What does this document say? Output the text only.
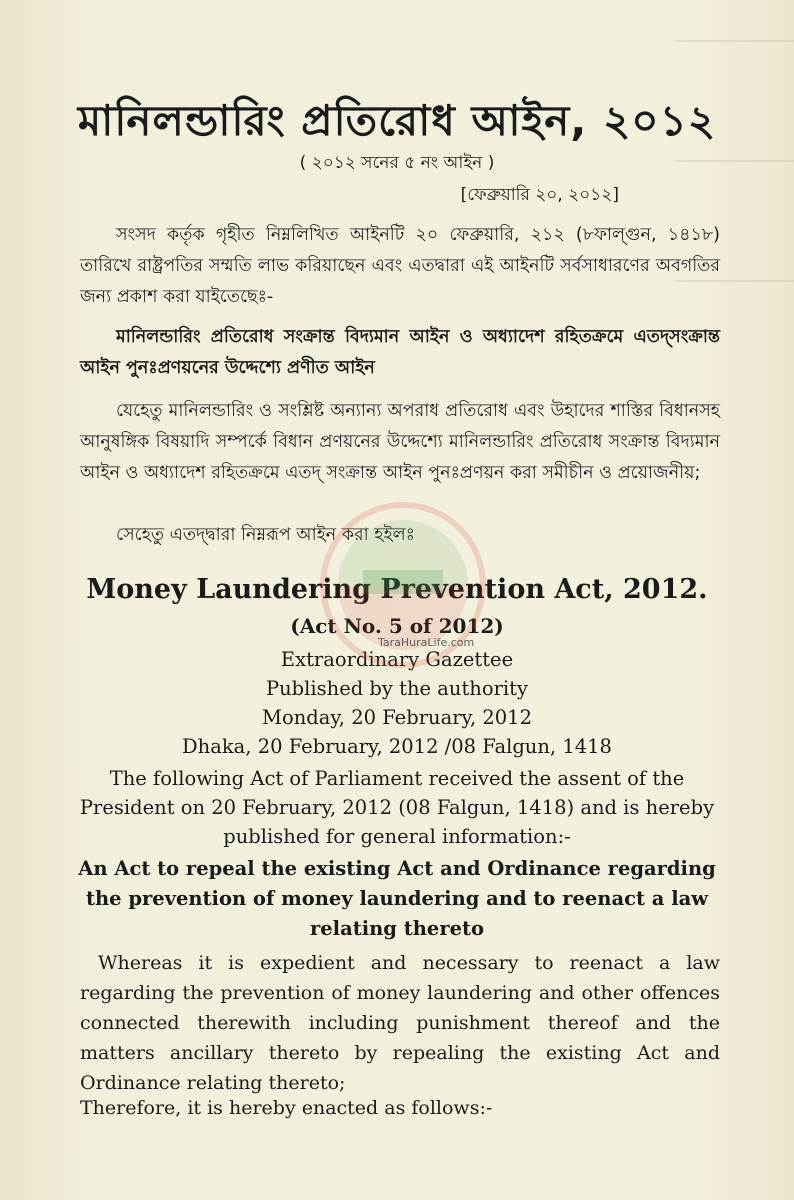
মানিলন্ডারিং প্রতিরোধ আইন, ২০১২
( ২০১২ সনের ৫ নং আইন )
[ফেব্রুয়ারি ২০, ২০১২]
সংসদ কর্তৃক গৃহীত নিম্নলিখিত আইনটি ২০ ফেব্রুয়ারি, ২১২ (৮ফাল্গুন, ১৪১৮) তারিখে রাষ্ট্রপতির সম্মতি লাভ করিয়াছেন এবং এতদ্বারা এই আইনটি সর্বসাধারণের অবগতির জন্য প্রকাশ করা যাইতেছেঃ-
মানিলন্ডারিং প্রতিরোধ সংক্রান্ত বিদ্যমান আইন ও অধ্যাদেশ রহিতক্রমে এতদ্‌সংক্রান্ত আইন পুনঃপ্রণয়নের উদ্দেশ্যে প্রণীত আইন
যেহেতু মানিলন্ডারিং ও সংশ্লিষ্ট অন্যান্য অপরাধ প্রতিরোধ এবং উহাদের শাস্তির বিধানসহ আনুষঙ্গিক বিষয়াদি সম্পর্কে বিধান প্রণয়নের উদ্দেশ্যে মানিলন্ডারিং প্রতিরোধ সংক্রান্ত বিদ্যমান আইন ও অধ্যাদেশ রহিতক্রমে এতদ্‌ সংক্রান্ত আইন পুনঃপ্রণয়ন করা সমীচীন ও প্রয়োজনীয়;
সেহেতু এতদ্দ্বারা নিম্নরূপ আইন করা হইলঃ
Money Laundering Prevention Act, 2012.
(Act No. 5 of 2012)
Extraordinary Gazettee
Published by the authority
Monday, 20 February, 2012
Dhaka, 20 February, 2012 /08 Falgun, 1418
The following Act of Parliament received the assent of the
President on 20 February, 2012 (08 Falgun, 1418) and is hereby
published for general information:-
An Act to repeal the existing Act and Ordinance regarding
the prevention of money laundering and to reenact a law
relating thereto
Whereas it is expedient and necessary to reenact a law regarding the prevention of money laundering and other offences connected therewith including punishment thereof and the matters ancillary thereto by repealing the existing Act and Ordinance relating thereto;
Therefore, it is hereby enacted as follows:-
TaraHuraLife.com
